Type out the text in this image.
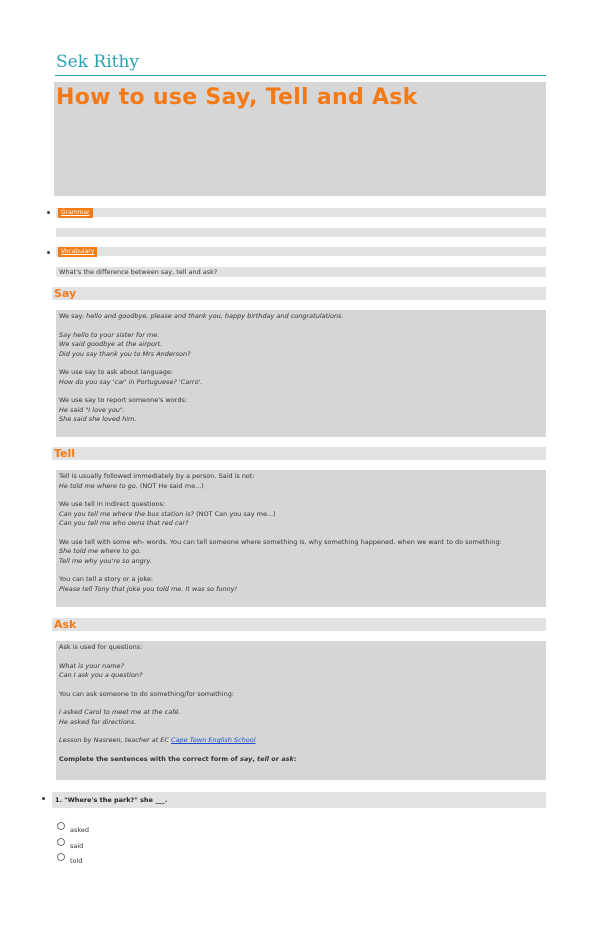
Sek Rithy
How to use Say, Tell and Ask
Grammar
Vocabulary
What's the difference between say, tell and ask?
Say

We say: hello and goodbye, please and thank you, happy birthday and congratulations.

Say hello to your sister for me.

We said goodbye at the airport.

Did you say thank you to Mrs Anderson?

We use say to ask about language:

How do you say 'car' in Portuguese? 'Carro'.

We use say to report someone's words:

He said "I love you".

She said she loved him.

Tell

Tell is usually followed immediately by a person. Said is not:

He told me where to go. (NOT He said me...)

We use tell in indirect questions:

Can you tell me where the bus station is? (NOT Can you say me...)

Can you tell me who owns that red car?

We use tell with some wh- words. You can tell someone where something is, why something happened, when we want to do something:

She told me where to go.

Tell me why you're so angry.

You can tell a story or a joke:

Please tell Tony that joke you told me. It was so funny!

Ask

Ask is used for questions:

What is your name?

Can I ask you a question?

You can ask someone to do something/for something:

I asked Carol to meet me at the café.

He asked for directions.

Lesson by Nasreen, teacher at EC Cape Town English School

Complete the sentences with the correct form of say, tell or ask:

1. "Where's the park?" she ___.
asked
said
told
